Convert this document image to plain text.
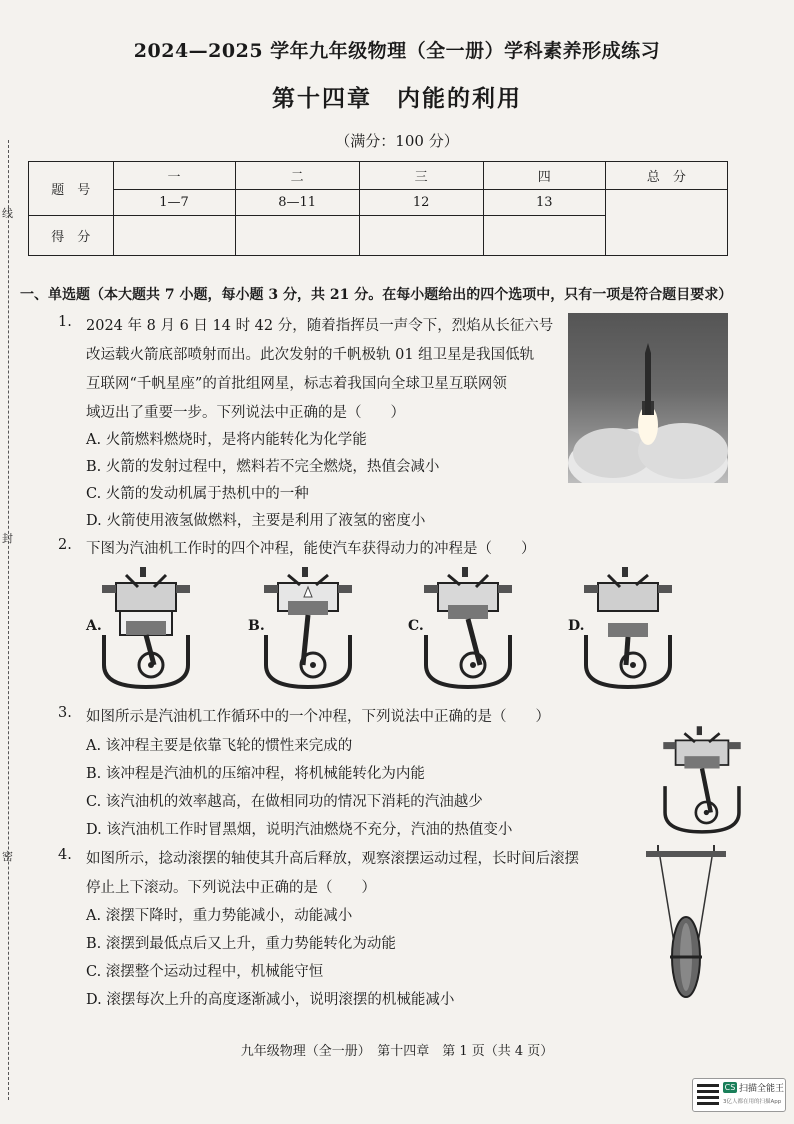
线
封
密
2024—2025 学年九年级物理（全一册）学科素养形成练习
第十四章　内能的利用
（满分：100 分）
题　号	一	二	三	四	总　分
	1—7	8—11	12	13	
得　分					
一、单选题（本大题共 7 小题，每小题 3 分，共 21 分。在每小题给出的四个选项中，只有一项是符合题目要求）
1. 2024 年 8 月 6 日 14 时 42 分，随着指挥员一声令下，烈焰从长征六号
改运载火箭底部喷射而出。此次发射的千帆极轨 01 组卫星是我国低轨
互联网“千帆星座”的首批组网星，标志着我国向全球卫星互联网领
域迈出了重要一步。下列说法中正确的是（　　）
A. 火箭燃料燃烧时，是将内能转化为化学能
B. 火箭的发射过程中，燃料若不完全燃烧，热值会减小
C. 火箭的发动机属于热机中的一种
D. 火箭使用液氢做燃料，主要是利用了液氢的密度小
2. 下图为汽油机工作时的四个冲程，能使汽车获得动力的冲程是（　　）
A.	B.	C.	D.
3. 如图所示是汽油机工作循环中的一个冲程，下列说法中正确的是（　　）
A. 该冲程主要是依靠飞轮的惯性来完成的
B. 该冲程是汽油机的压缩冲程，将机械能转化为内能
C. 该汽油机的效率越高，在做相同功的情况下消耗的汽油越少
D. 该汽油机工作时冒黑烟，说明汽油燃烧不充分，汽油的热值变小
4. 如图所示，捻动滚摆的轴使其升高后释放，观察滚摆运动过程，长时间后滚摆
停止上下滚动。下列说法中正确的是（　　）
A. 滚摆下降时，重力势能减小，动能减小
B. 滚摆到最低点后又上升，重力势能转化为动能
C. 滚摆整个运动过程中，机械能守恒
D. 滚摆每次上升的高度逐渐减小，说明滚摆的机械能减小
九年级物理（全一册）　第十四章　第 1 页（共 4 页）
CS 扫描全能王
3亿人都在用的扫描App
